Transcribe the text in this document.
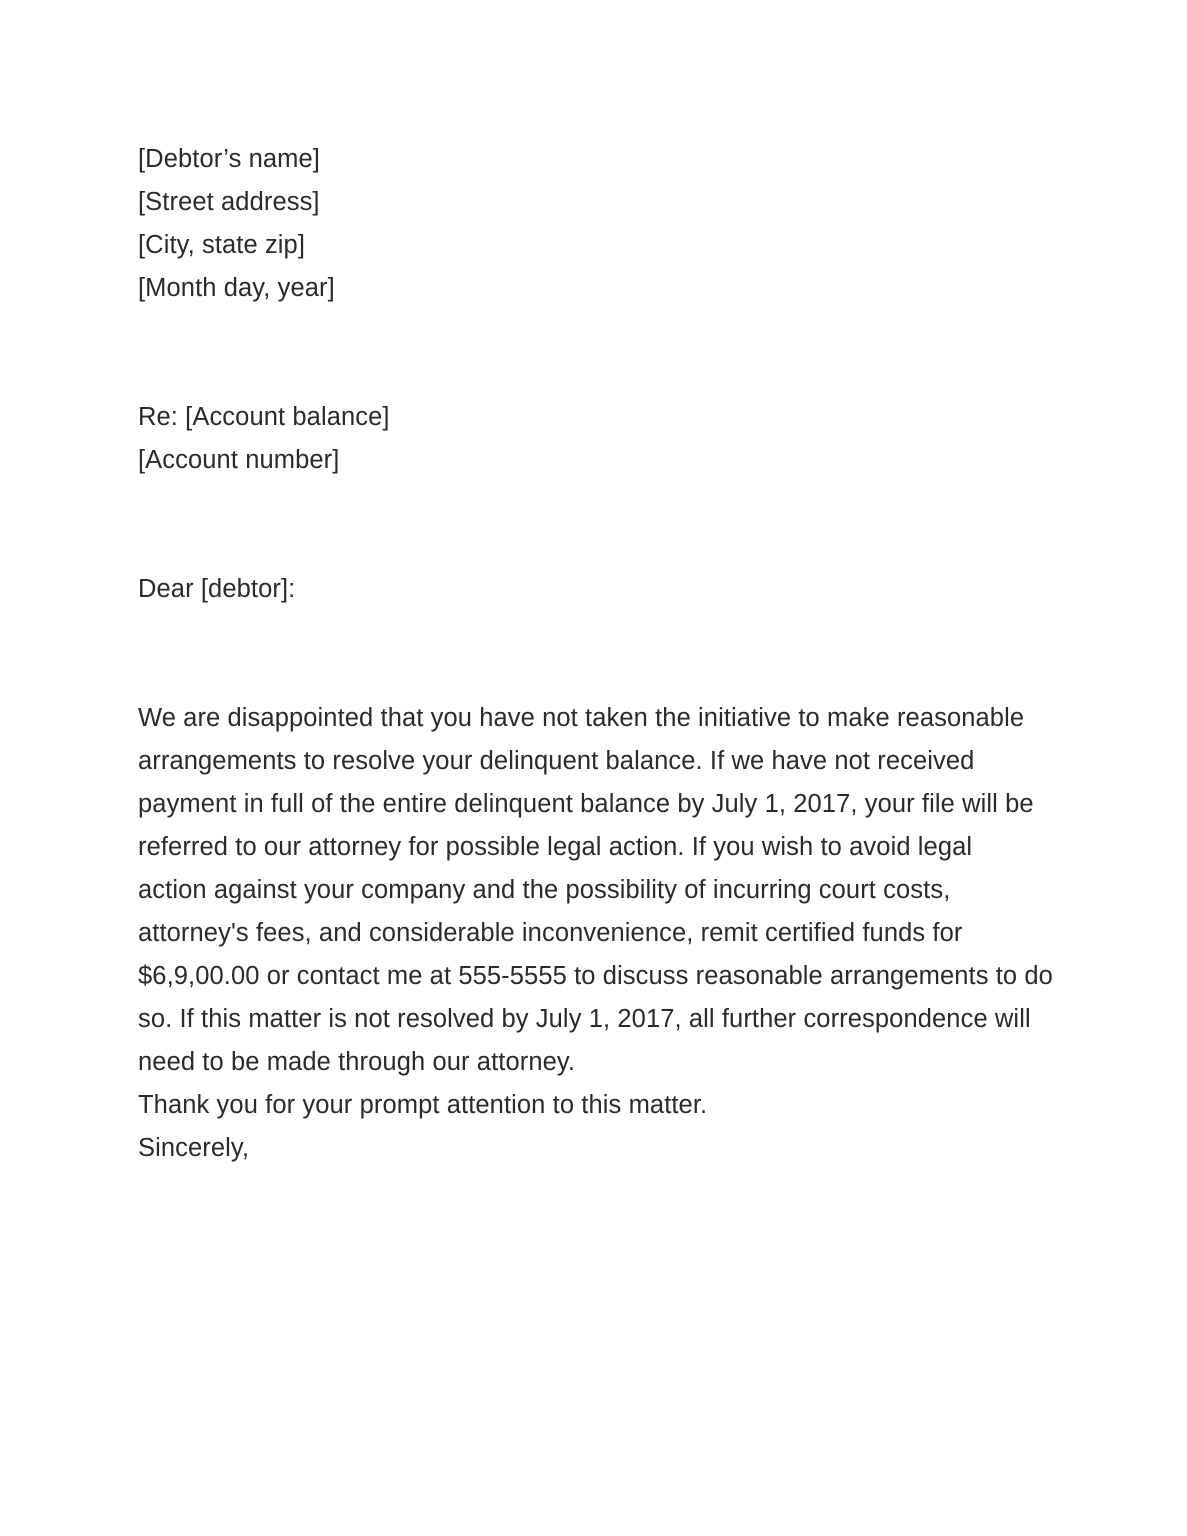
[Debtor’s name]
[Street address]
[City, state zip]
[Month day, year]
Re: [Account balance]
[Account number]
Dear [debtor]:
We are disappointed that you have not taken the initiative to make reasonable
arrangements to resolve your delinquent balance. If we have not received
payment in full of the entire delinquent balance by July 1, 2017, your file will be
referred to our attorney for possible legal action. If you wish to avoid legal
action against your company and the possibility of incurring court costs,
attorney's fees, and considerable inconvenience, remit certified funds for
$6,9,00.00 or contact me at 555-5555 to discuss reasonable arrangements to do
so. If this matter is not resolved by July 1, 2017, all further correspondence will
need to be made through our attorney.
Thank you for your prompt attention to this matter.
Sincerely,
